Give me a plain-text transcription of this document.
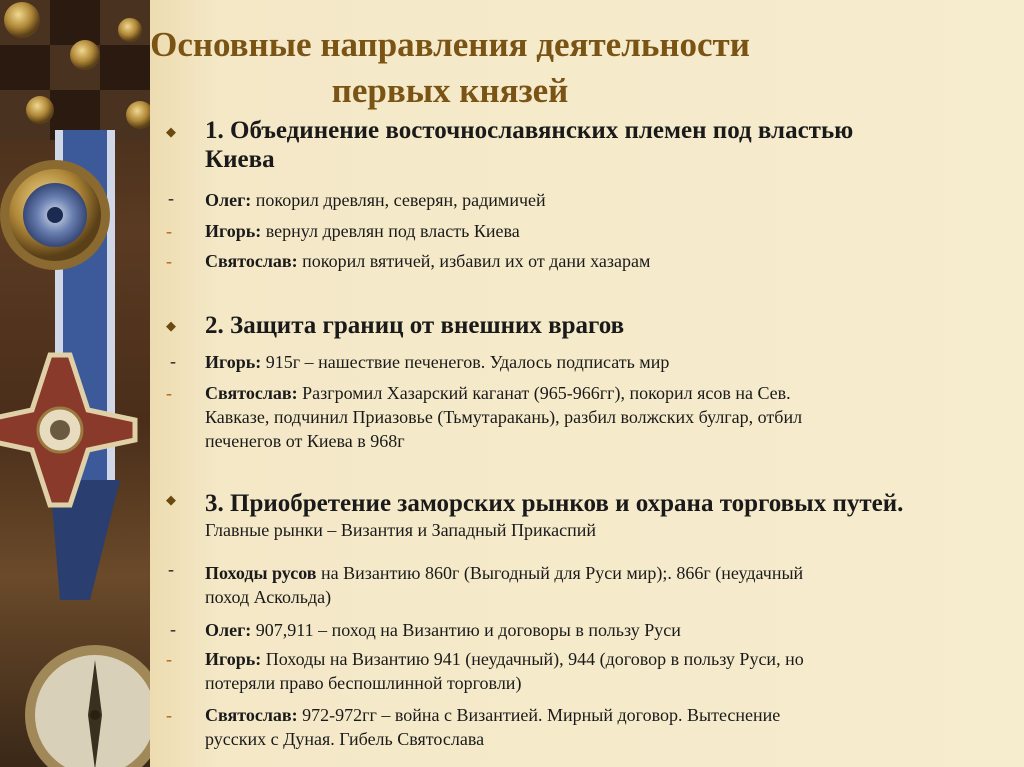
Основные направления деятельности
первых князей
◆ 1. Объединение восточнославянских племен под властью
Киева

- Олег: покорил древлян, северян, радимичей

- Игорь: вернул древлян под власть Киева

- Святослав: покорил вятичей, избавил их от дани хазарам

◆ 2. Защита границ от внешних врагов

- Игорь: 915г – нашествие печенегов. Удалось подписать мир

- Святослав: Разгромил Хазарский каганат (965-966гг), покорил ясов на Сев.
Кавказе, подчинил Приазовье (Тьмутаракань), разбил волжских булгар, отбил
печенегов от Киева в 968г

◆ 3. Приобретение заморских рынков и охрана торговых путей.
Главные рынки – Византия и Западный Прикаспий

- Походы русов на Византию 860г (Выгодный для Руси мир);. 866г (неудачный
поход Аскольда)

- Олег: 907,911 – поход на Византию и договоры в пользу Руси

- Игорь: Походы на Византию 941 (неудачный), 944 (договор в пользу Руси, но
потеряли право беспошлинной торговли)

- Святослав: 972-972гг – война с Византией. Мирный договор. Вытеснение
русских с Дуная. Гибель Святослава
